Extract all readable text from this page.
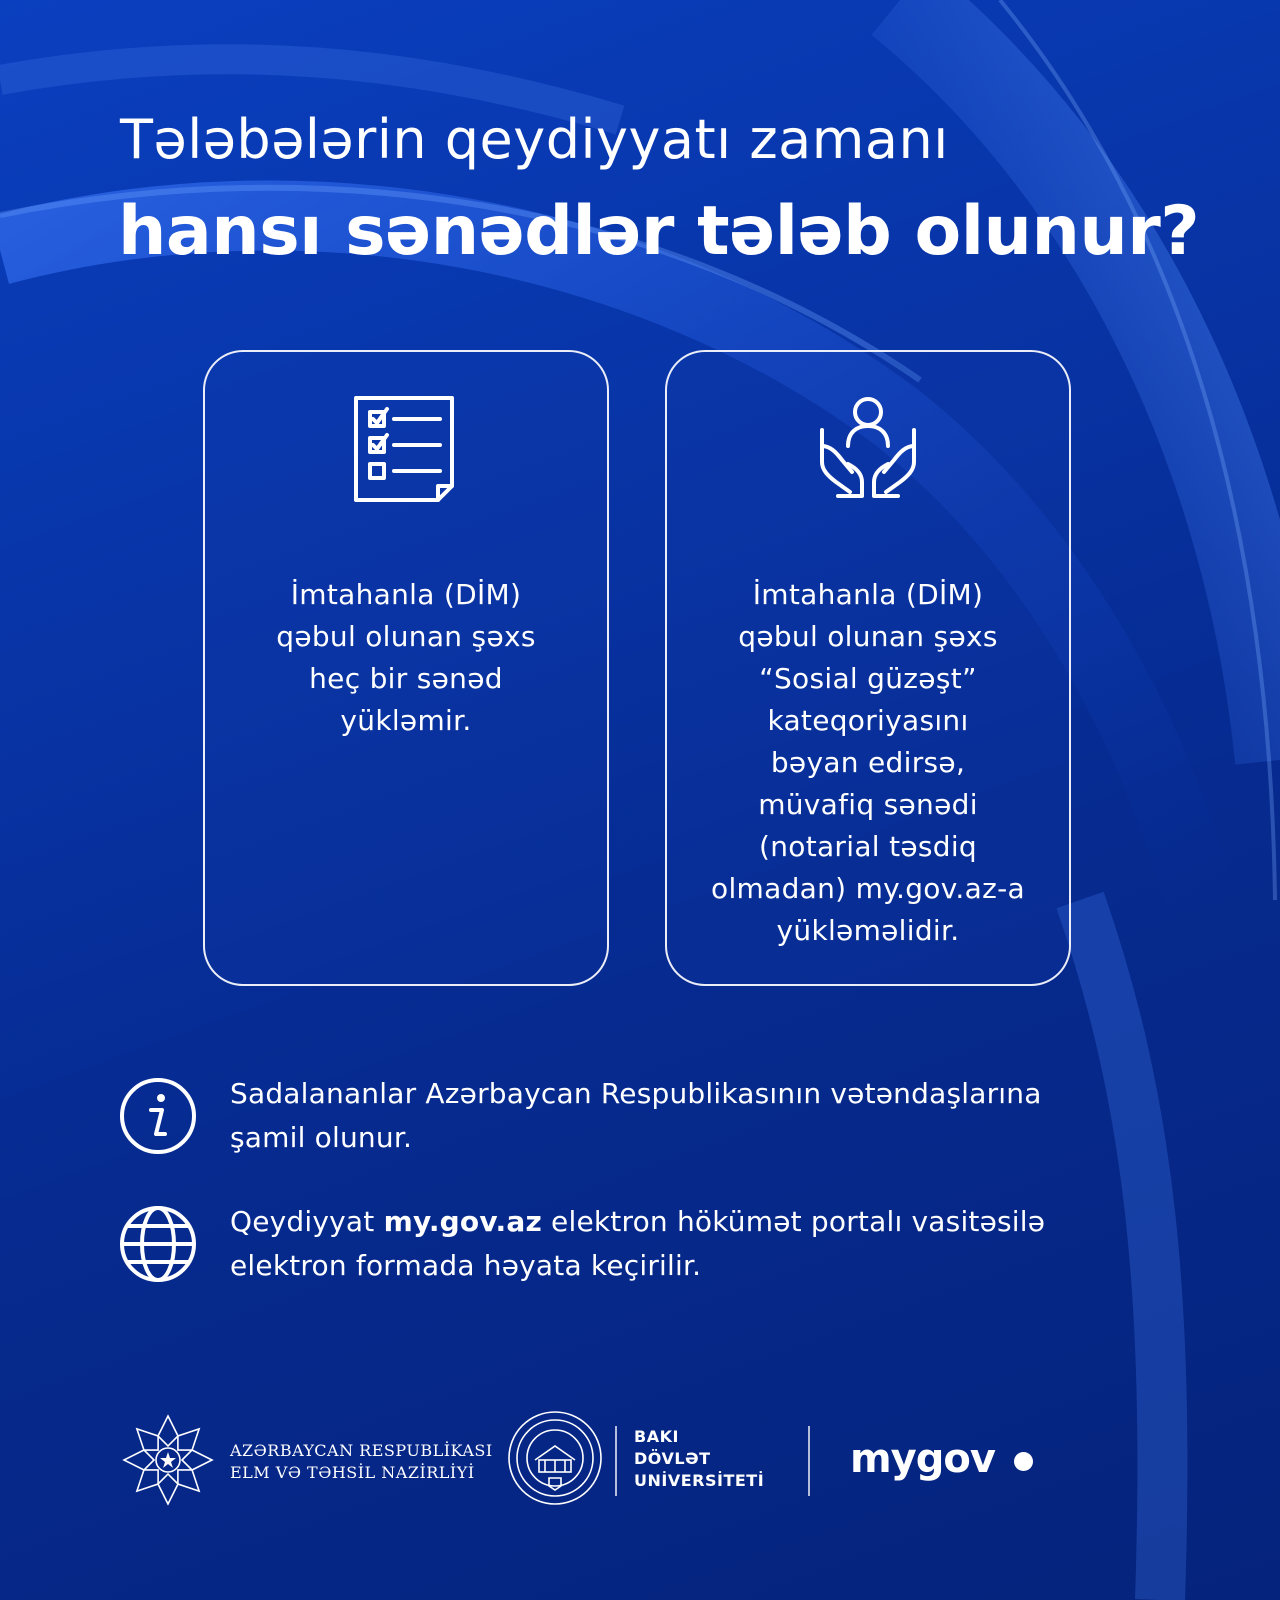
Tələbələrin qeydiyyatı zamanı
hansı sənədlər tələb olunur?
İmtahanla (DİM)
qəbul olunan şəxs
heç bir sənəd
yükləmir.
İmtahanla (DİM)
qəbul olunan şəxs
“Sosial güzəşt”
kateqoriyasını
bəyan edirsə,
müvafiq sənədi
(notarial təsdiq
olmadan) my.gov.az-a
yükləməlidir.
Sadalananlar Azərbaycan Respublikasının vətəndaşlarına
şamil olunur.
Qeydiyyat my.gov.az elektron hökümət portalı vasitəsilə
elektron formada həyata keçirilir.
AZƏRBAYCAN RESPUBLİKASI
ELM VƏ TƏHSİL NAZİRLİYİ
BAKI
DÖVLƏT
UNİVERSİTETİ mygov
